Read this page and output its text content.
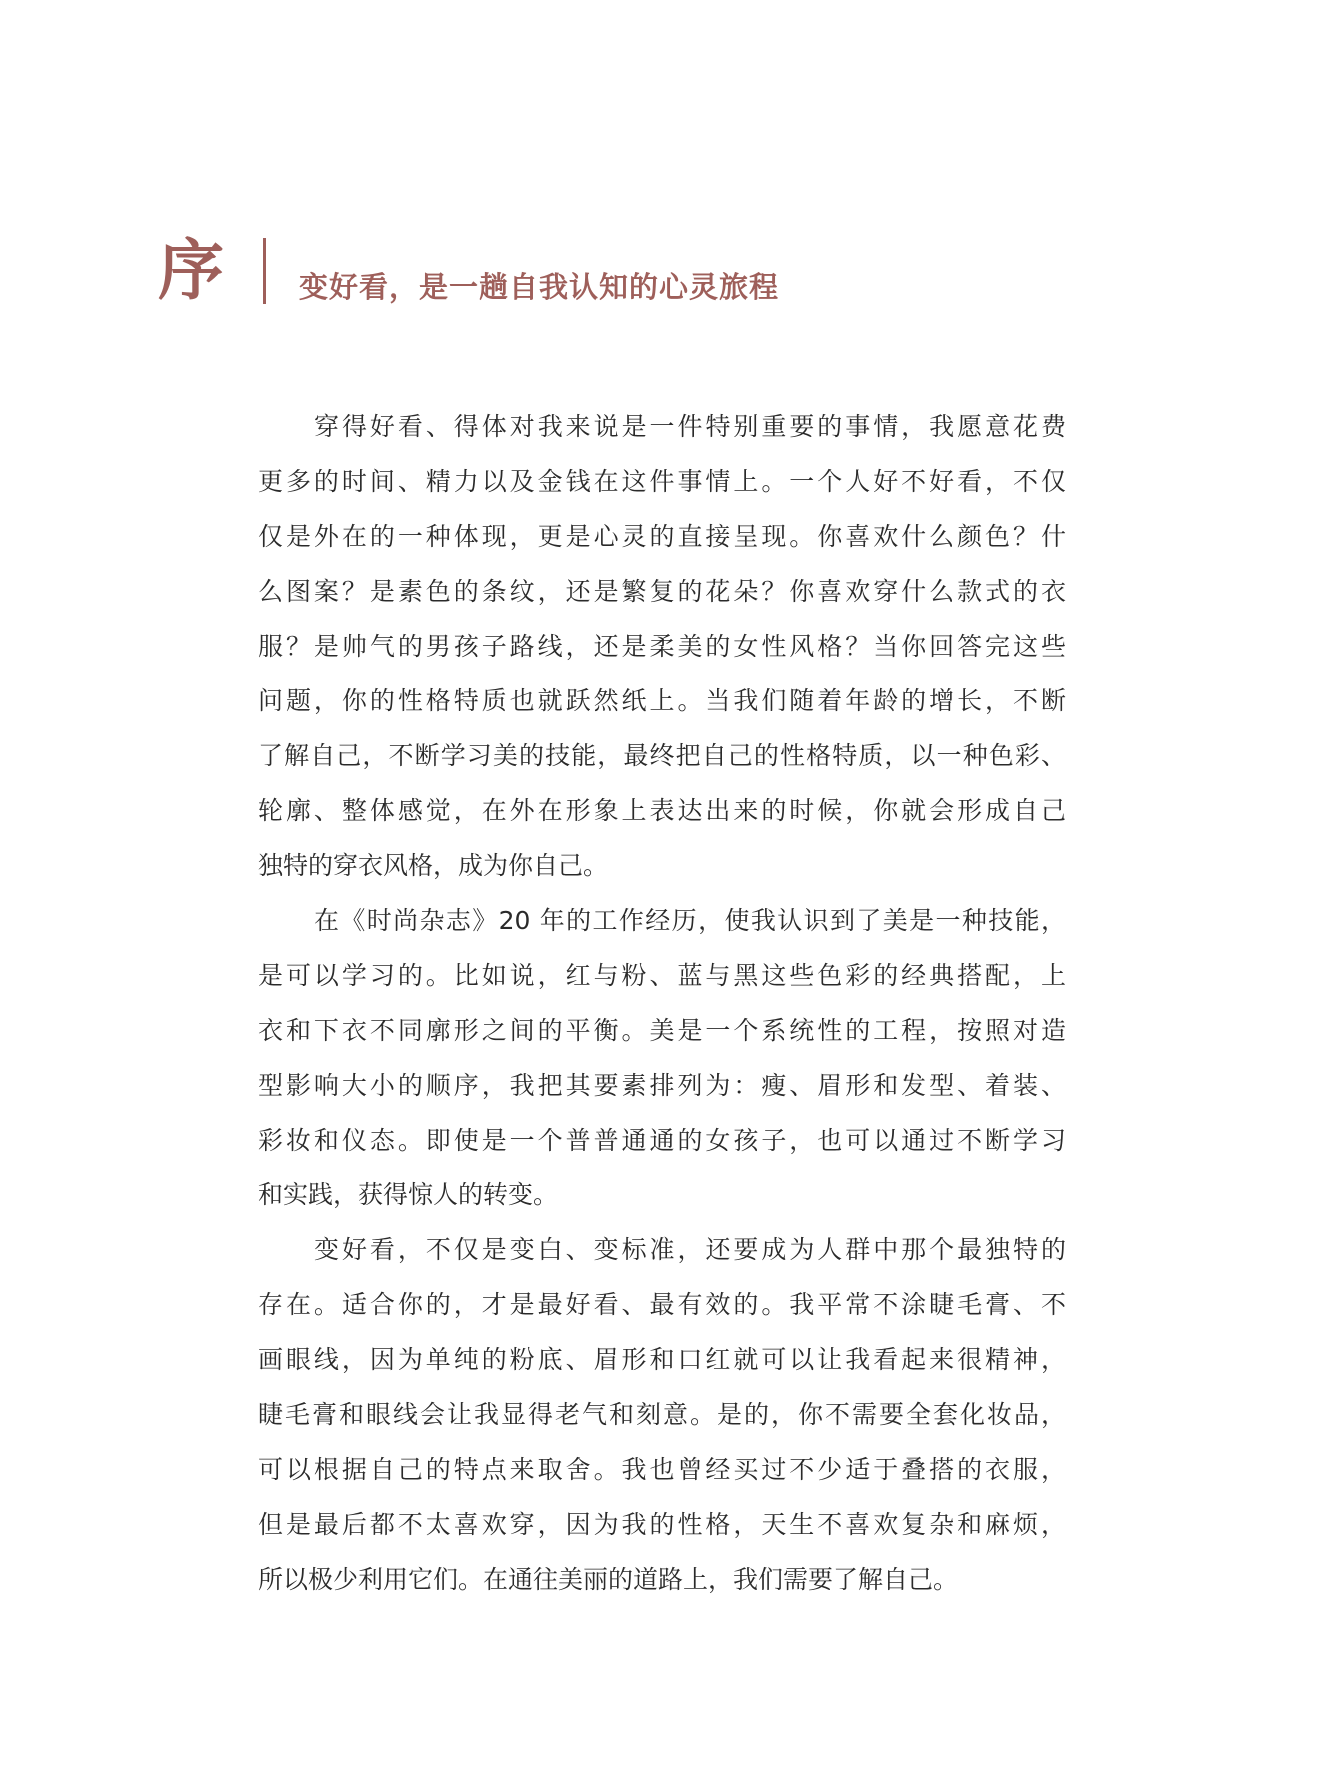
序	变好看，是一趟自我认知的心灵旅程
穿得好看、得体对我来说是一件特别重要的事情，我愿意花费
更多的时间、精力以及金钱在这件事情上。一个人好不好看，不仅
仅是外在的一种体现，更是心灵的直接呈现。你喜欢什么颜色？什
么图案？是素色的条纹，还是繁复的花朵？你喜欢穿什么款式的衣
服？是帅气的男孩子路线，还是柔美的女性风格？当你回答完这些
问题，你的性格特质也就跃然纸上。当我们随着年龄的增长，不断
了解自己，不断学习美的技能，最终把自己的性格特质，以一种色彩、
轮廓、整体感觉，在外在形象上表达出来的时候，你就会形成自己
独特的穿衣风格，成为你自己。
在《时尚杂志》20 年的工作经历，使我认识到了美是一种技能，
是可以学习的。比如说，红与粉、蓝与黑这些色彩的经典搭配，上
衣和下衣不同廓形之间的平衡。美是一个系统性的工程，按照对造
型影响大小的顺序，我把其要素排列为：瘦、眉形和发型、着装、
彩妆和仪态。即使是一个普普通通的女孩子，也可以通过不断学习
和实践，获得惊人的转变。
变好看，不仅是变白、变标准，还要成为人群中那个最独特的
存在。适合你的，才是最好看、最有效的。我平常不涂睫毛膏、不
画眼线，因为单纯的粉底、眉形和口红就可以让我看起来很精神，
睫毛膏和眼线会让我显得老气和刻意。是的，你不需要全套化妆品，
可以根据自己的特点来取舍。我也曾经买过不少适于叠搭的衣服，
但是最后都不太喜欢穿，因为我的性格，天生不喜欢复杂和麻烦，
所以极少利用它们。在通往美丽的道路上，我们需要了解自己。
